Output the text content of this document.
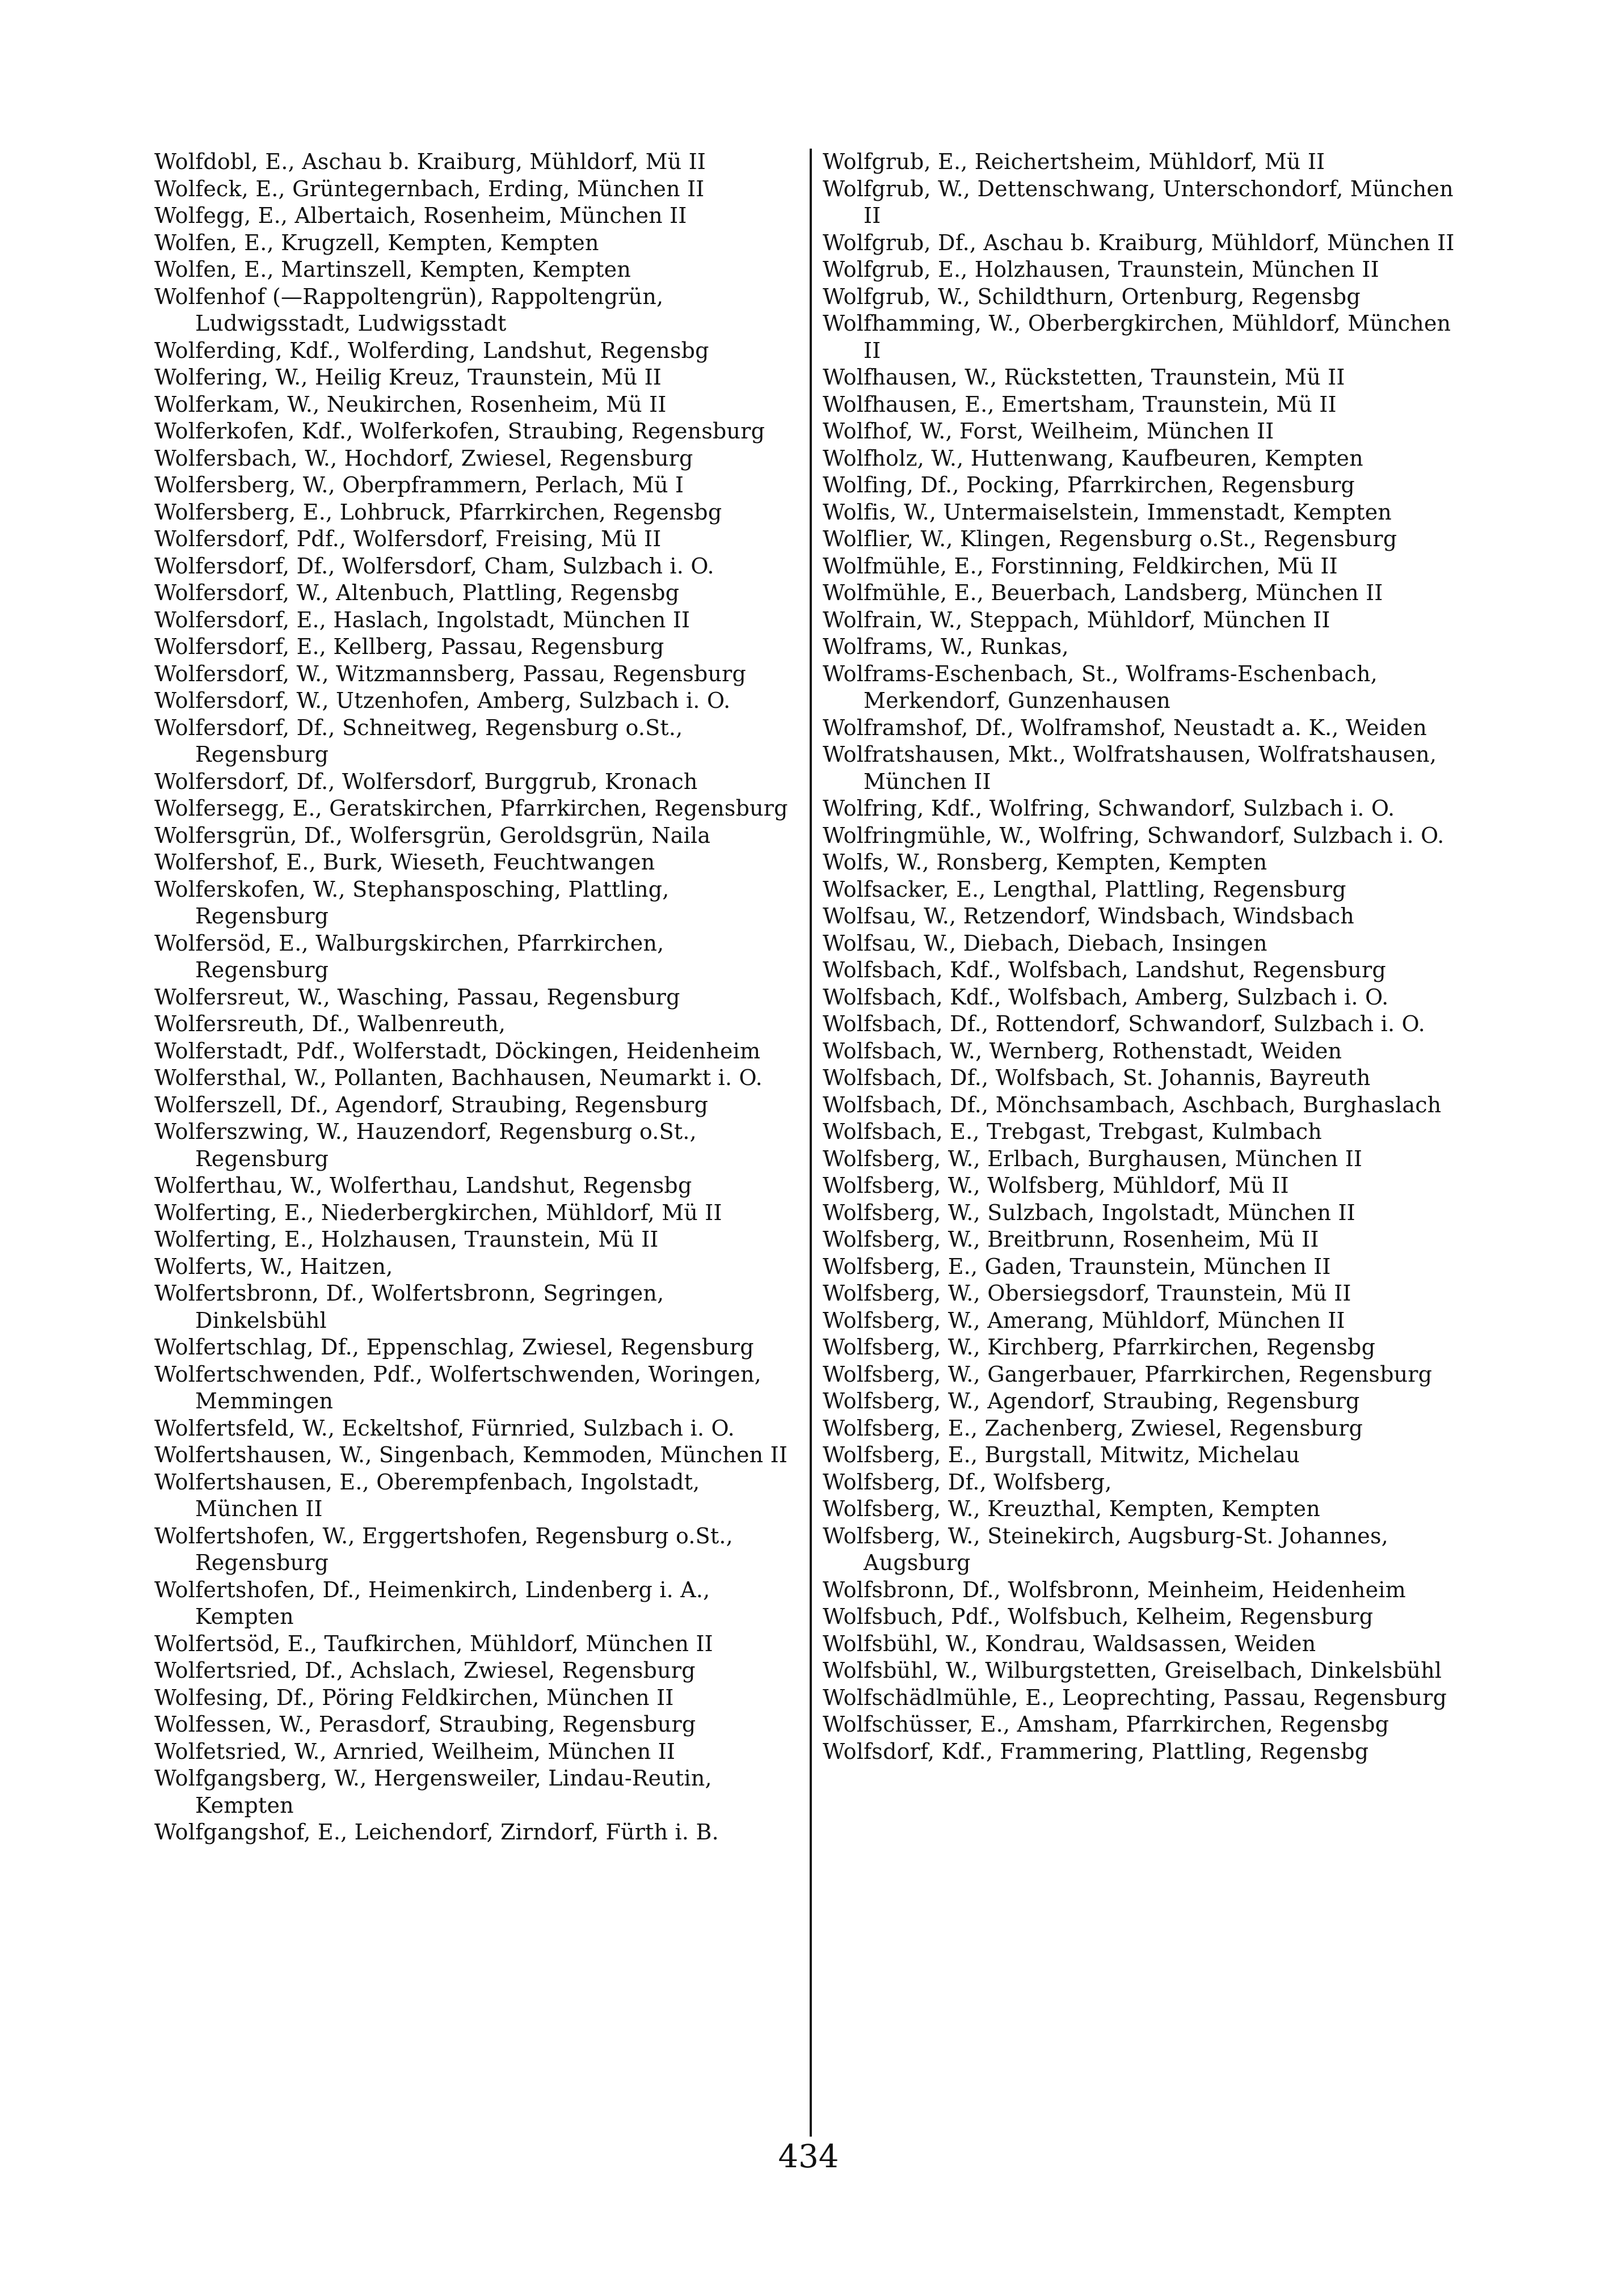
Wolfdobl, E., Aschau b. Kraiburg, Mühldorf, Mü II
Wolfeck, E., Grüntegernbach, Erding, München II
Wolfegg, E., Albertaich, Rosenheim, München II
Wolfen, E., Krugzell, Kempten, Kempten
Wolfen, E., Martinszell, Kempten, Kempten
Wolfenhof (—Rappoltengrün), Rappoltengrün, Ludwigsstadt, Ludwigsstadt
Wolferding, Kdf., Wolferding, Landshut, Regensbg
Wolfering, W., Heilig Kreuz, Traunstein, Mü II
Wolferkam, W., Neukirchen, Rosenheim, Mü II
Wolferkofen, Kdf., Wolferkofen, Straubing, Regensburg
Wolfersbach, W., Hochdorf, Zwiesel, Regensburg
Wolfersberg, W., Oberpframmern, Perlach, Mü I
Wolfersberg, E., Lohbruck, Pfarrkirchen, Regensbg
Wolfersdorf, Pdf., Wolfersdorf, Freising, Mü II
Wolfersdorf, Df., Wolfersdorf, Cham, Sulzbach i. O.
Wolfersdorf, W., Altenbuch, Plattling, Regensbg
Wolfersdorf, E., Haslach, Ingolstadt, München II
Wolfersdorf, E., Kellberg, Passau, Regensburg
Wolfersdorf, W., Witzmannsberg, Passau, Regensburg
Wolfersdorf, W., Utzenhofen, Amberg, Sulzbach i. O.
Wolfersdorf, Df., Schneitweg, Regensburg o.St., Regensburg
Wolfersdorf, Df., Wolfersdorf, Burggrub, Kronach
Wolfersegg, E., Geratskirchen, Pfarrkirchen, Regensburg
Wolfersgrün, Df., Wolfersgrün, Geroldsgrün, Naila
Wolfershof, E., Burk, Wieseth, Feuchtwangen
Wolferskofen, W., Stephansposching, Plattling, Regensburg
Wolfersöd, E., Walburgskirchen, Pfarrkirchen, Regensburg
Wolfersreut, W., Wasching, Passau, Regensburg
Wolfersreuth, Df., Walbenreuth,
Wolferstadt, Pdf., Wolferstadt, Döckingen, Heidenheim
Wolfersthal, W., Pollanten, Bachhausen, Neumarkt i. O.
Wolferszell, Df., Agendorf, Straubing, Regensburg
Wolferszwing, W., Hauzendorf, Regensburg o.St., Regensburg
Wolferthau, W., Wolferthau, Landshut, Regensbg
Wolferting, E., Niederbergkirchen, Mühldorf, Mü II
Wolferting, E., Holzhausen, Traunstein, Mü II
Wolferts, W., Haitzen,
Wolfertsbronn, Df., Wolfertsbronn, Segringen, Dinkelsbühl
Wolfertschlag, Df., Eppenschlag, Zwiesel, Regensburg
Wolfertschwenden, Pdf., Wolfertschwenden, Woringen, Memmingen
Wolfertsfeld, W., Eckeltshof, Fürnried, Sulzbach i. O.
Wolfertshausen, W., Singenbach, Kemmoden, München II
Wolfertshausen, E., Oberempfenbach, Ingolstadt, München II
Wolfertshofen, W., Erggertshofen, Regensburg o.St., Regensburg
Wolfertshofen, Df., Heimenkirch, Lindenberg i. A., Kempten
Wolfertsöd, E., Taufkirchen, Mühldorf, München II
Wolfertsried, Df., Achslach, Zwiesel, Regensburg
Wolfesing, Df., Pöring Feldkirchen, München II
Wolfessen, W., Perasdorf, Straubing, Regensburg
Wolfetsried, W., Arnried, Weilheim, München II
Wolfgangsberg, W., Hergensweiler, Lindau-Reutin, Kempten
Wolfgangshof, E., Leichendorf, Zirndorf, Fürth i. B.
Wolfgrub, E., Reichertsheim, Mühldorf, Mü II
Wolfgrub, W., Dettenschwang, Unterschondorf, München II
Wolfgrub, Df., Aschau b. Kraiburg, Mühldorf, München II
Wolfgrub, E., Holzhausen, Traunstein, München II
Wolfgrub, W., Schildthurn, Ortenburg, Regensbg
Wolfhamming, W., Oberbergkirchen, Mühldorf, München II
Wolfhausen, W., Rückstetten, Traunstein, Mü II
Wolfhausen, E., Emertsham, Traunstein, Mü II
Wolfhof, W., Forst, Weilheim, München II
Wolfholz, W., Huttenwang, Kaufbeuren, Kempten
Wolfing, Df., Pocking, Pfarrkirchen, Regensburg
Wolfis, W., Untermaiselstein, Immenstadt, Kempten
Wolflier, W., Klingen, Regensburg o.St., Regensburg
Wolfmühle, E., Forstinning, Feldkirchen, Mü II
Wolfmühle, E., Beuerbach, Landsberg, München II
Wolfrain, W., Steppach, Mühldorf, München II
Wolframs, W., Runkas,
Wolframs-Eschenbach, St., Wolframs-Eschenbach, Merkendorf, Gunzenhausen
Wolframshof, Df., Wolframshof, Neustadt a. K., Weiden
Wolfratshausen, Mkt., Wolfratshausen, Wolfratshausen, München II
Wolfring, Kdf., Wolfring, Schwandorf, Sulzbach i. O.
Wolfringmühle, W., Wolfring, Schwandorf, Sulzbach i. O.
Wolfs, W., Ronsberg, Kempten, Kempten
Wolfsacker, E., Lengthal, Plattling, Regensburg
Wolfsau, W., Retzendorf, Windsbach, Windsbach
Wolfsau, W., Diebach, Diebach, Insingen
Wolfsbach, Kdf., Wolfsbach, Landshut, Regensburg
Wolfsbach, Kdf., Wolfsbach, Amberg, Sulzbach i. O.
Wolfsbach, Df., Rottendorf, Schwandorf, Sulzbach i. O.
Wolfsbach, W., Wernberg, Rothenstadt, Weiden
Wolfsbach, Df., Wolfsbach, St. Johannis, Bayreuth
Wolfsbach, Df., Mönchsambach, Aschbach, Burghaslach
Wolfsbach, E., Trebgast, Trebgast, Kulmbach
Wolfsberg, W., Erlbach, Burghausen, München II
Wolfsberg, W., Wolfsberg, Mühldorf, Mü II
Wolfsberg, W., Sulzbach, Ingolstadt, München II
Wolfsberg, W., Breitbrunn, Rosenheim, Mü II
Wolfsberg, E., Gaden, Traunstein, München II
Wolfsberg, W., Obersiegsdorf, Traunstein, Mü II
Wolfsberg, W., Amerang, Mühldorf, München II
Wolfsberg, W., Kirchberg, Pfarrkirchen, Regensbg
Wolfsberg, W., Gangerbauer, Pfarrkirchen, Regensburg
Wolfsberg, W., Agendorf, Straubing, Regensburg
Wolfsberg, E., Zachenberg, Zwiesel, Regensburg
Wolfsberg, E., Burgstall, Mitwitz, Michelau
Wolfsberg, Df., Wolfsberg,
Wolfsberg, W., Kreuzthal, Kempten, Kempten
Wolfsberg, W., Steinekirch, Augsburg-St. Johannes, Augsburg
Wolfsbronn, Df., Wolfsbronn, Meinheim, Heidenheim
Wolfsbuch, Pdf., Wolfsbuch, Kelheim, Regensburg
Wolfsbühl, W., Kondrau, Waldsassen, Weiden
Wolfsbühl, W., Wilburgstetten, Greiselbach, Dinkelsbühl
Wolfschädlmühle, E., Leoprechting, Passau, Regensburg
Wolfschüsser, E., Amsham, Pfarrkirchen, Regensbg
Wolfsdorf, Kdf., Frammering, Plattling, Regensbg
434
